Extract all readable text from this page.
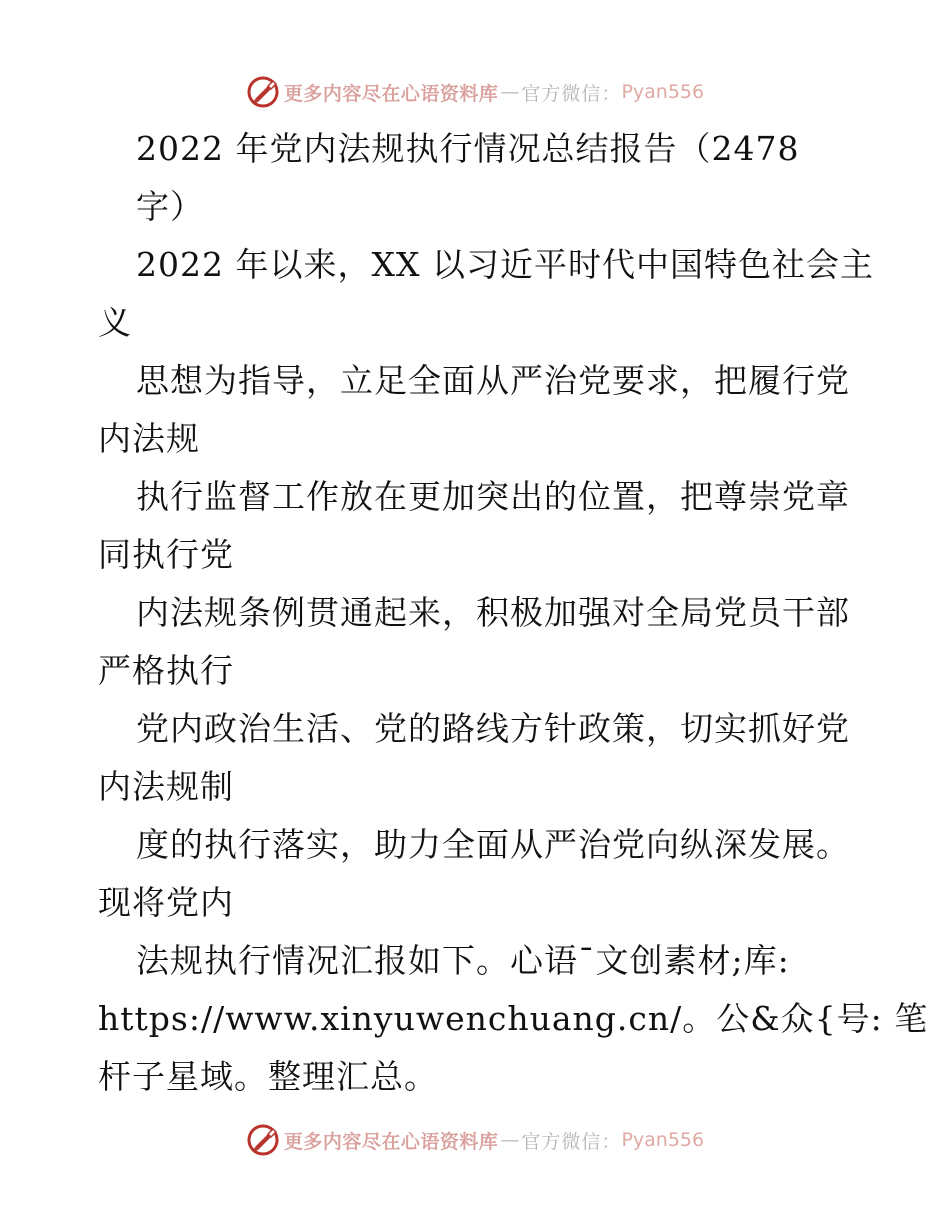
更多内容尽在心语资料库 — 官方微信： Pyan556
2022 年党内法规执行情况总结报告（2478
字）
2022 年以来，XX 以习近平时代中国特色社会主
义
思想为指导，立足全面从严治党要求，把履行党
内法规
执行监督工作放在更加突出的位置，把尊崇党章
同执行党
内法规条例贯通起来，积极加强对全局党员干部
严格执行
党内政治生活、党的路线方针政策，切实抓好党
内法规制
度的执行落实，助力全面从严治党向纵深发展。
现将党内
法规执行情况汇报如下。心语¯文创素材;库:
https://www.xinyuwenchuang.cn/。公&众{号: 笔
杆子星域。整理汇总。
更多内容尽在心语资料库 — 官方微信： Pyan556
